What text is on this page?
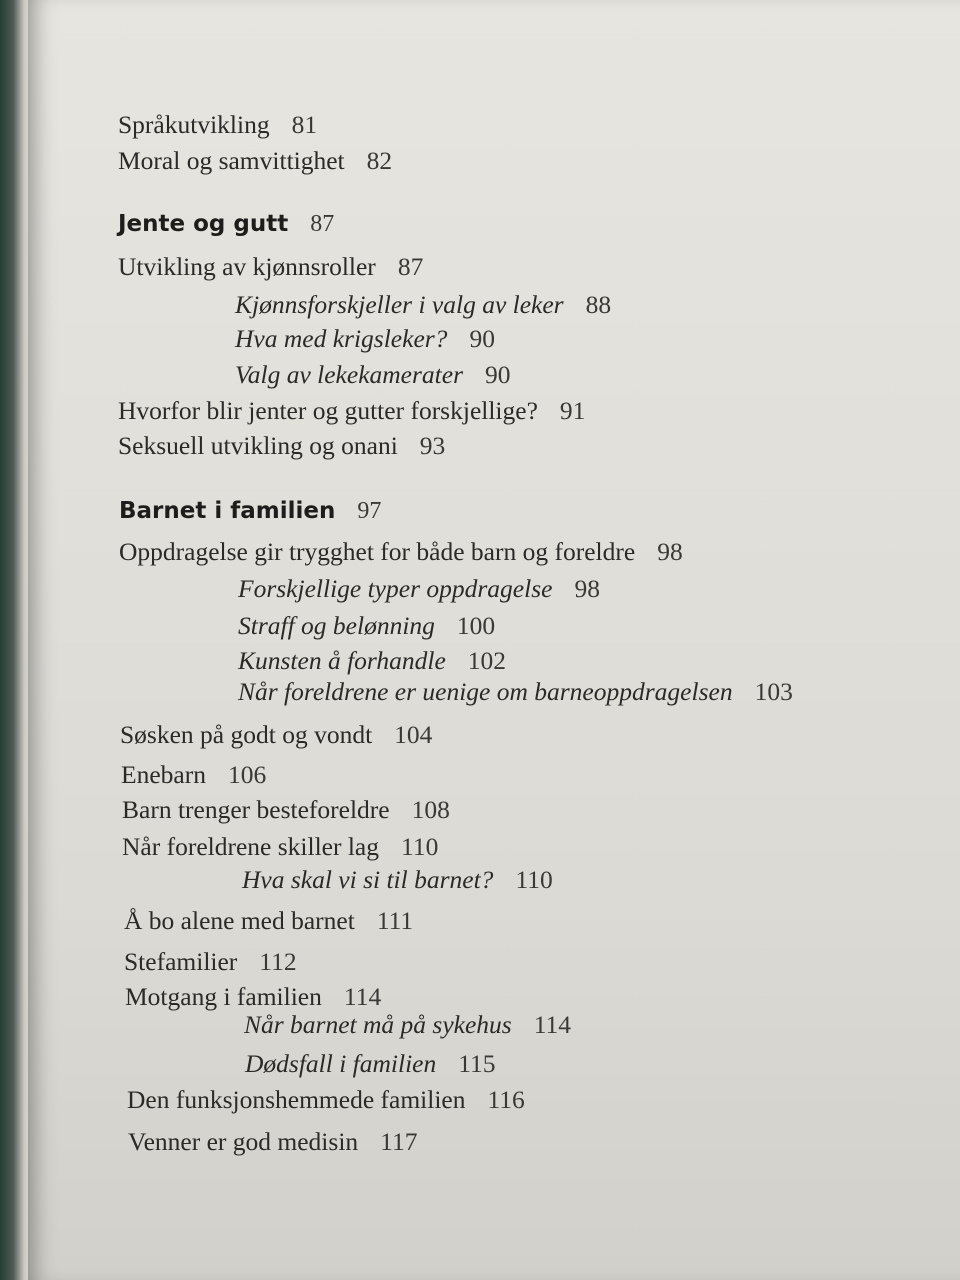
Språkutvikling 81
Moral og samvittighet 82
Jente og gutt 87
Utvikling av kjønnsroller 87
Kjønnsforskjeller i valg av leker 88
Hva med krigsleker? 90
Valg av lekekamerater 90
Hvorfor blir jenter og gutter forskjellige? 91
Seksuell utvikling og onani 93
Barnet i familien 97
Oppdragelse gir trygghet for både barn og foreldre 98
Forskjellige typer oppdragelse 98
Straff og belønning 100
Kunsten å forhandle 102
Når foreldrene er uenige om barneoppdragelsen 103
Søsken på godt og vondt 104
Enebarn 106
Barn trenger besteforeldre 108
Når foreldrene skiller lag 110
Hva skal vi si til barnet? 110
Å bo alene med barnet 111
Stefamilier 112
Motgang i familien 114
Når barnet må på sykehus 114
Dødsfall i familien 115
Den funksjonshemmede familien 116
Venner er god medisin 117
